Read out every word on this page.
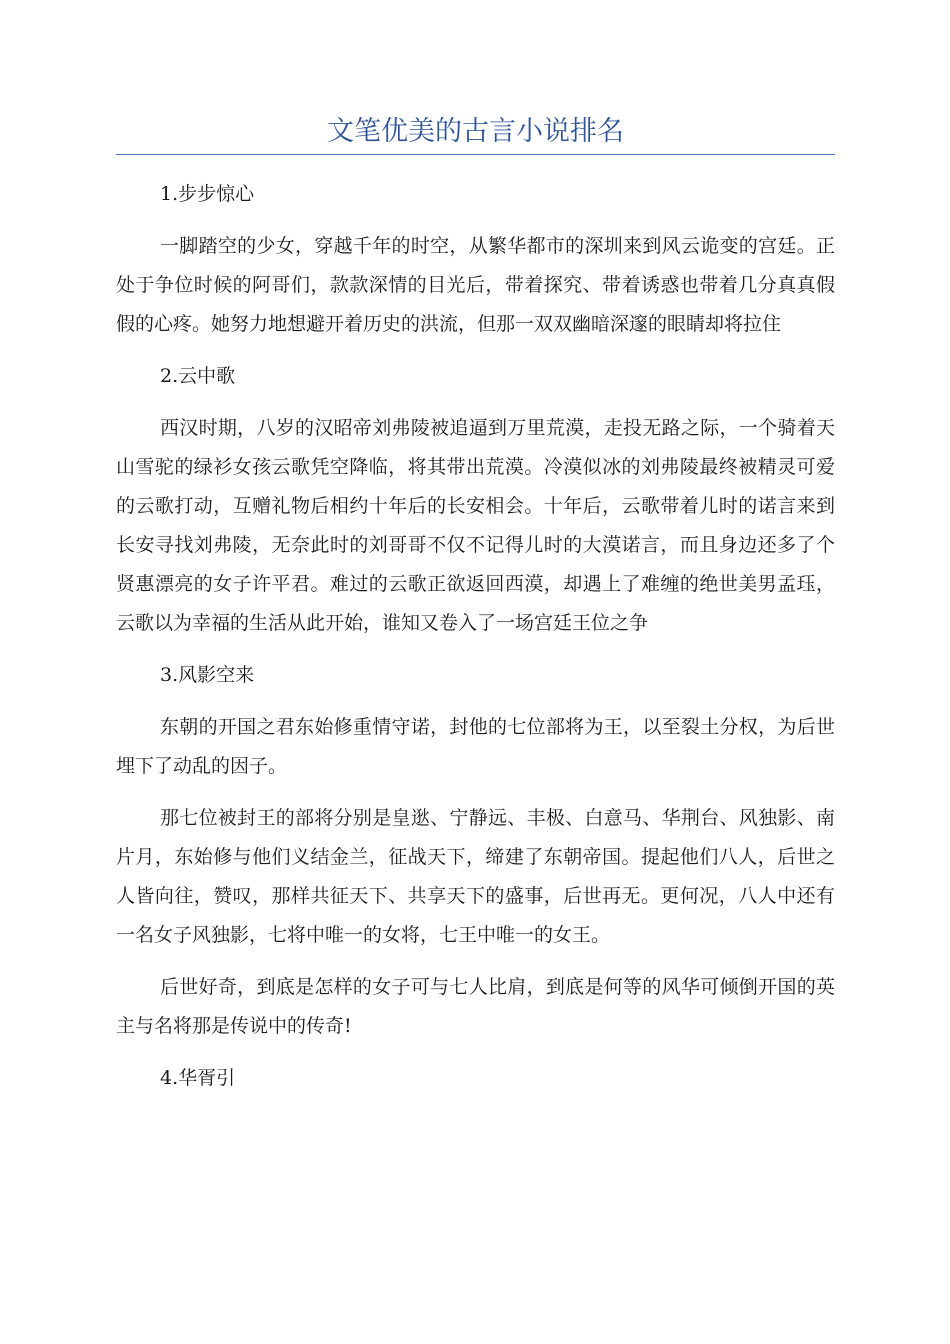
文笔优美的古言小说排名

1.步步惊心

一脚踏空的少女，穿越千年的时空，从繁华都市的深圳来到风云诡变的宫廷。正处于争位时候的阿哥们，款款深情的目光后，带着探究、带着诱惑也带着几分真真假假的心疼。她努力地想避开着历史的洪流，但那一双双幽暗深邃的眼睛却将拉住

2.云中歌

西汉时期，八岁的汉昭帝刘弗陵被追逼到万里荒漠，走投无路之际，一个骑着天山雪驼的绿衫女孩云歌凭空降临，将其带出荒漠。冷漠似冰的刘弗陵最终被精灵可爱的云歌打动，互赠礼物后相约十年后的长安相会。十年后，云歌带着儿时的诺言来到长安寻找刘弗陵，无奈此时的刘哥哥不仅不记得儿时的大漠诺言，而且身边还多了个贤惠漂亮的女子许平君。难过的云歌正欲返回西漠，却遇上了难缠的绝世美男孟珏，云歌以为幸福的生活从此开始，谁知又卷入了一场宫廷王位之争

3.风影空来

东朝的开国之君东始修重情守诺，封他的七位部将为王，以至裂土分权，为后世埋下了动乱的因子。

那七位被封王的部将分别是皇逖、宁静远、丰极、白意马、华荆台、风独影、南片月，东始修与他们义结金兰，征战天下，缔建了东朝帝国。提起他们八人，后世之人皆向往，赞叹，那样共征天下、共享天下的盛事，后世再无。更何况，八人中还有一名女子风独影，七将中唯一的女将，七王中唯一的女王。

后世好奇，到底是怎样的女子可与七人比肩，到底是何等的风华可倾倒开国的英主与名将那是传说中的传奇!

4.华胥引
